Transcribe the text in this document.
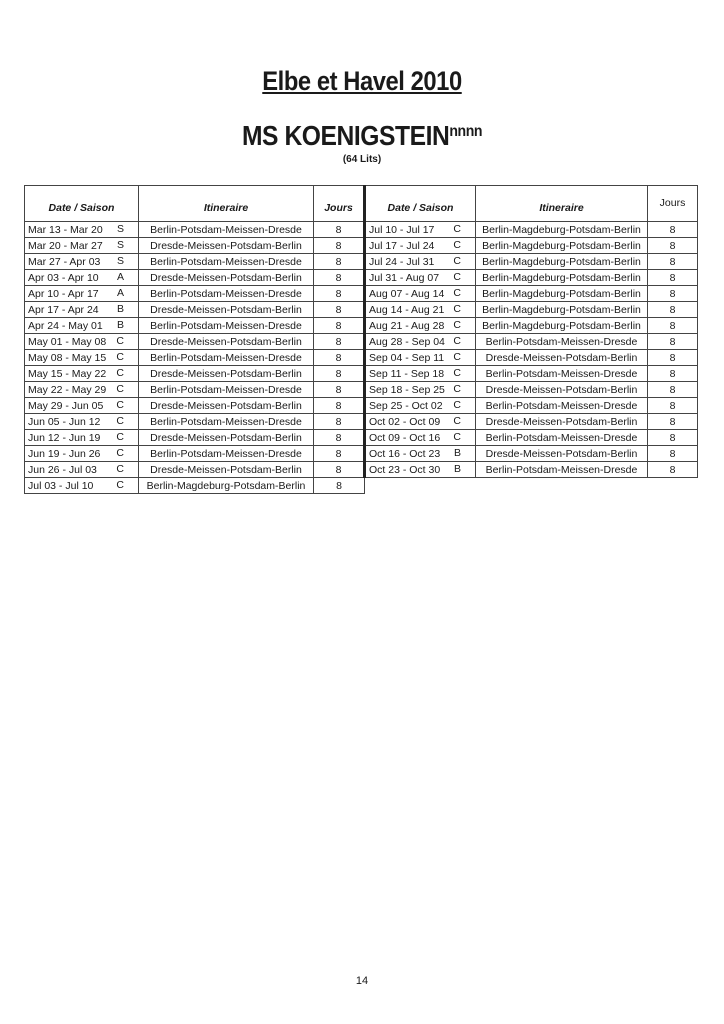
Elbe et Havel 2010
MS $KOENIGSTEIN^{nnnn}$
(64 Lits)
Date / Saison	Itineraire	Jours	Date / Saison	Itineraire	Jours
Mar 13 - Mar 20 S	Berlin-Potsdam-Meissen-Dresde	8	Jul 10 - Jul 17 C	Berlin-Magdeburg-Potsdam-Berlin	8
Mar 20 - Mar 27 S	Dresde-Meissen-Potsdam-Berlin	8	Jul 17 - Jul 24 C	Berlin-Magdeburg-Potsdam-Berlin	8
Mar 27 - Apr 03 S	Berlin-Potsdam-Meissen-Dresde	8	Jul 24 - Jul 31 C	Berlin-Magdeburg-Potsdam-Berlin	8
Apr 03 - Apr 10 A	Dresde-Meissen-Potsdam-Berlin	8	Jul 31 - Aug 07 C	Berlin-Magdeburg-Potsdam-Berlin	8
Apr 10 - Apr 17 A	Berlin-Potsdam-Meissen-Dresde	8	Aug 07 - Aug 14 C	Berlin-Magdeburg-Potsdam-Berlin	8
Apr 17 - Apr 24 B	Dresde-Meissen-Potsdam-Berlin	8	Aug 14 - Aug 21 C	Berlin-Magdeburg-Potsdam-Berlin	8
Apr 24 - May 01 B	Berlin-Potsdam-Meissen-Dresde	8	Aug 21 - Aug 28 C	Berlin-Magdeburg-Potsdam-Berlin	8
May 01 - May 08 C	Dresde-Meissen-Potsdam-Berlin	8	Aug 28 - Sep 04 C	Berlin-Potsdam-Meissen-Dresde	8
May 08 - May 15 C	Berlin-Potsdam-Meissen-Dresde	8	Sep 04 - Sep 11 C	Dresde-Meissen-Potsdam-Berlin	8
May 15 - May 22 C	Dresde-Meissen-Potsdam-Berlin	8	Sep 11 - Sep 18 C	Berlin-Potsdam-Meissen-Dresde	8
May 22 - May 29 C	Berlin-Potsdam-Meissen-Dresde	8	Sep 18 - Sep 25 C	Dresde-Meissen-Potsdam-Berlin	8
May 29 - Jun 05 C	Dresde-Meissen-Potsdam-Berlin	8	Sep 25 - Oct 02 C	Berlin-Potsdam-Meissen-Dresde	8
Jun 05 - Jun 12 C	Berlin-Potsdam-Meissen-Dresde	8	Oct 02 - Oct 09 C	Dresde-Meissen-Potsdam-Berlin	8
Jun 12 - Jun 19 C	Dresde-Meissen-Potsdam-Berlin	8	Oct 09 - Oct 16 C	Berlin-Potsdam-Meissen-Dresde	8
Jun 19 - Jun 26 C	Berlin-Potsdam-Meissen-Dresde	8	Oct 16 - Oct 23 B	Dresde-Meissen-Potsdam-Berlin	8
Jun 26 - Jul 03 C	Dresde-Meissen-Potsdam-Berlin	8	Oct 23 - Oct 30 B	Berlin-Potsdam-Meissen-Dresde	8
Jul 03 - Jul 10 C	Berlin-Magdeburg-Potsdam-Berlin	8			
14
